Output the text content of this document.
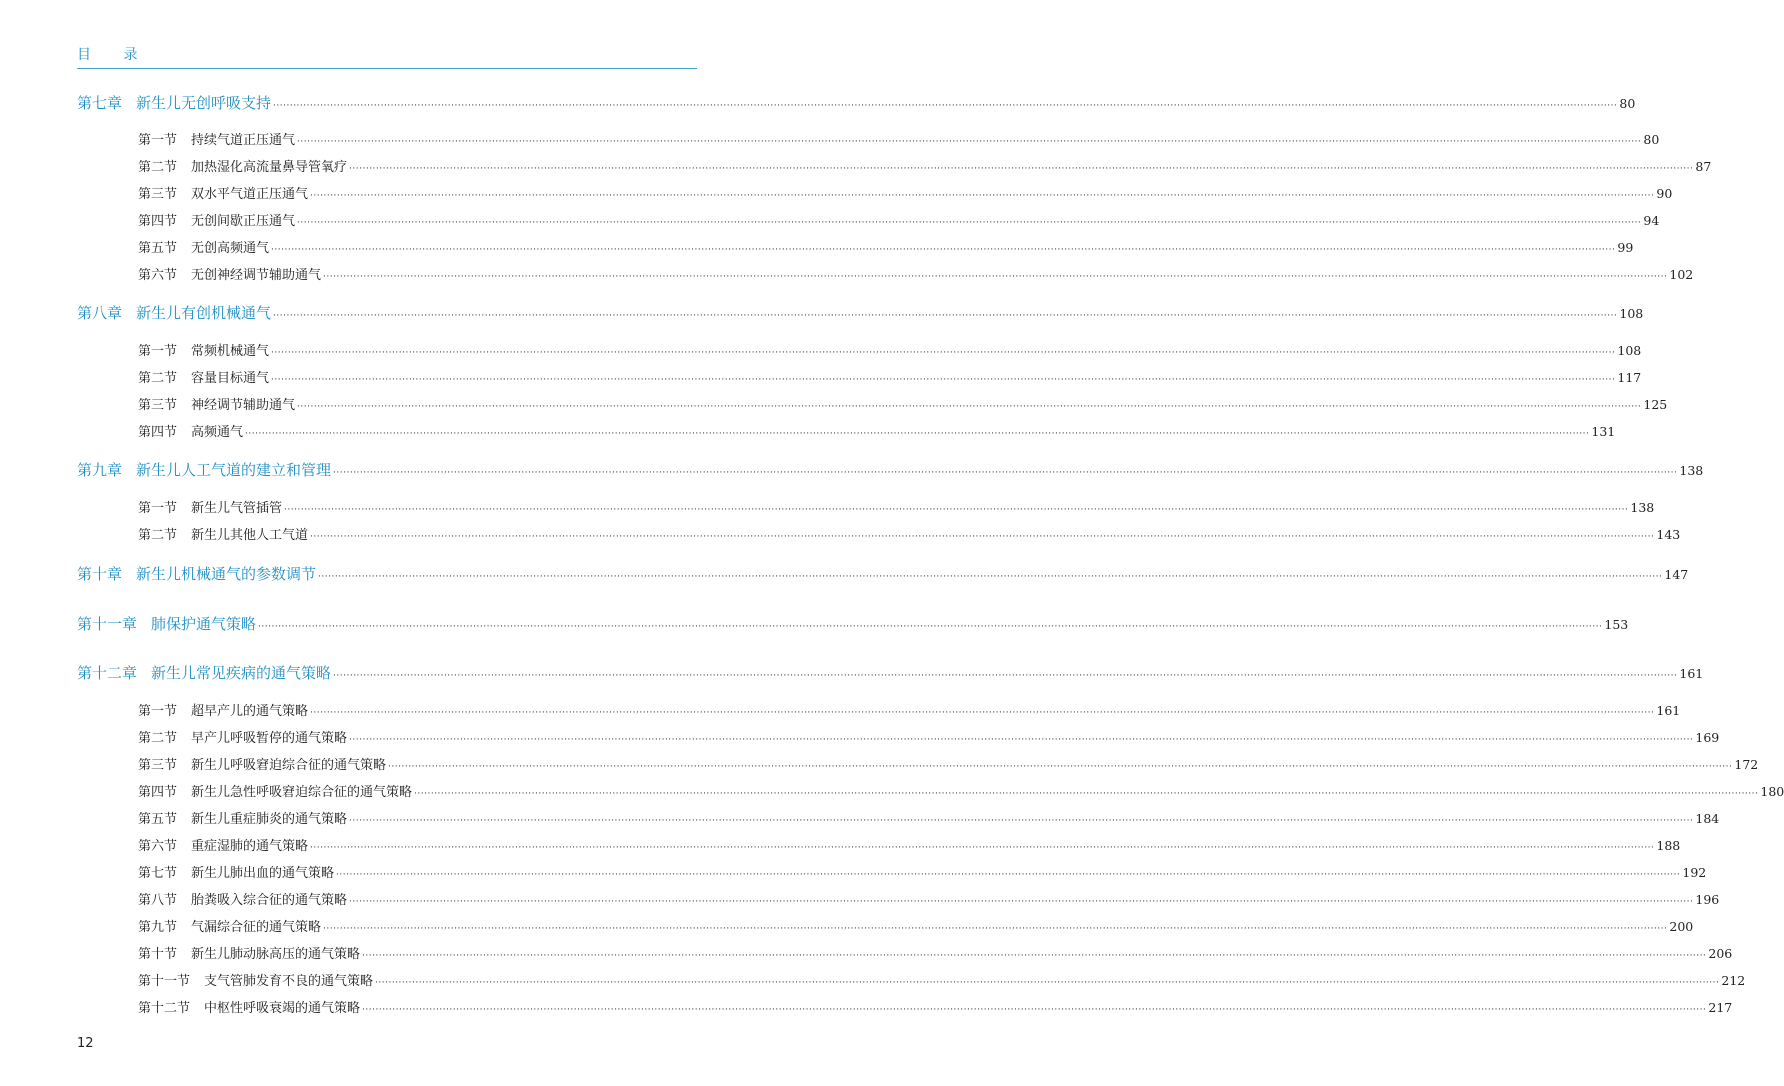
目 录
第七章 新生儿无创呼吸支持 ················································································································································································································································································································································································································ 80
第一节 持续气道正压通气 ················································································································································································································································································································································································································ 80
第二节 加热湿化高流量鼻导管氧疗 ················································································································································································································································································································································································································ 87
第三节 双水平气道正压通气 ················································································································································································································································································································································································································ 90
第四节 无创间歇正压通气 ················································································································································································································································································································································································································ 94
第五节 无创高频通气 ················································································································································································································································································································································································································ 99
第六节 无创神经调节辅助通气 ················································································································································································································································································································································································································ 102
第八章 新生儿有创机械通气 ················································································································································································································································································································································································································ 108
第一节 常频机械通气 ················································································································································································································································································································································································································ 108
第二节 容量目标通气 ················································································································································································································································································································································································································ 117
第三节 神经调节辅助通气 ················································································································································································································································································································································································································ 125
第四节 高频通气 ················································································································································································································································································································································································································ 131
第九章 新生儿人工气道的建立和管理 ················································································································································································································································································································································································································ 138
第一节 新生儿气管插管 ················································································································································································································································································································································································································ 138
第二节 新生儿其他人工气道 ················································································································································································································································································································································································································ 143
第十章 新生儿机械通气的参数调节 ················································································································································································································································································································································································································ 147
第十一章 肺保护通气策略 ················································································································································································································································································································································································································ 153
第十二章 新生儿常见疾病的通气策略 ················································································································································································································································································································································································································ 161
第一节 超早产儿的通气策略 ················································································································································································································································································································································································································ 161
第二节 早产儿呼吸暂停的通气策略 ················································································································································································································································································································································································································ 169
第三节 新生儿呼吸窘迫综合征的通气策略 ················································································································································································································································································································································································································ 172
第四节 新生儿急性呼吸窘迫综合征的通气策略 ················································································································································································································································································································································································································ 180
第五节 新生儿重症肺炎的通气策略 ················································································································································································································································································································································································································ 184
第六节 重症湿肺的通气策略 ················································································································································································································································································································································································································ 188
第七节 新生儿肺出血的通气策略 ················································································································································································································································································································································································································ 192
第八节 胎粪吸入综合征的通气策略 ················································································································································································································································································································································································································ 196
第九节 气漏综合征的通气策略 ················································································································································································································································································································································································································ 200
第十节 新生儿肺动脉高压的通气策略 ················································································································································································································································································································································································································ 206
第十一节 支气管肺发育不良的通气策略 ················································································································································································································································································································································································································ 212
第十二节 中枢性呼吸衰竭的通气策略 ················································································································································································································································································································································································································ 217
12
